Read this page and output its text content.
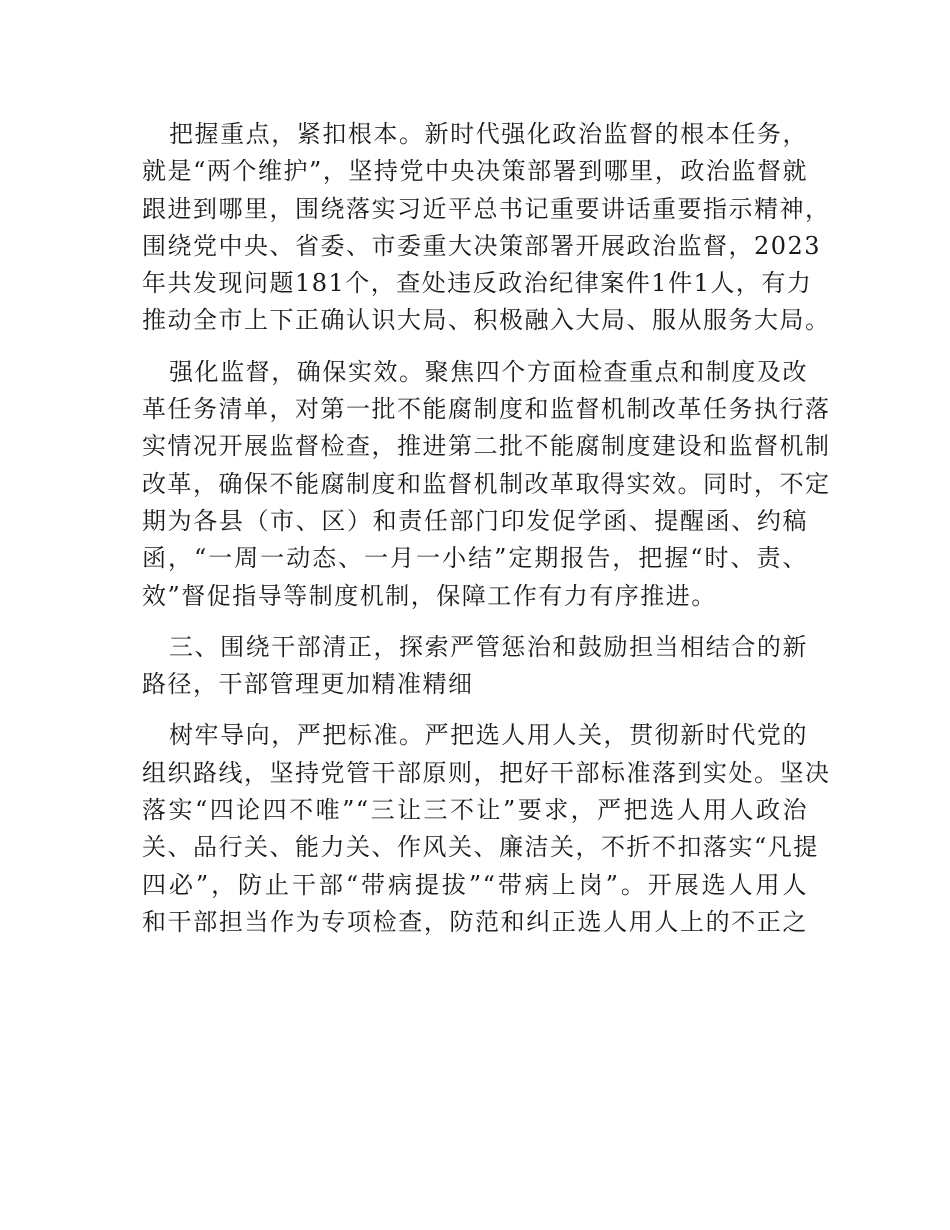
把握重点，紧扣根本。新时代强化政治监督的根本任务，
就是“两个维护”，坚持党中央决策部署到哪里，政治监督就
跟进到哪里，围绕落实习近平总书记重要讲话重要指示精神，
围绕党中央、省委、市委重大决策部署开展政治监督，2023
年共发现问题181个，查处违反政治纪律案件1件1人，有力
推动全市上下正确认识大局、积极融入大局、服从服务大局。

强化监督，确保实效。聚焦四个方面检查重点和制度及改
革任务清单，对第一批不能腐制度和监督机制改革任务执行落
实情况开展监督检查，推进第二批不能腐制度建设和监督机制
改革，确保不能腐制度和监督机制改革取得实效。同时，不定
期为各县（市、区）和责任部门印发促学函、提醒函、约稿
函，“一周一动态、一月一小结”定期报告，把握“时、责、
效”督促指导等制度机制，保障工作有力有序推进。

三、围绕干部清正，探索严管惩治和鼓励担当相结合的新
路径，干部管理更加精准精细

树牢导向，严把标准。严把选人用人关，贯彻新时代党的
组织路线，坚持党管干部原则，把好干部标准落到实处。坚决
落实“四论四不唯”“三让三不让”要求，严把选人用人政治
关、品行关、能力关、作风关、廉洁关，不折不扣落实“凡提
四必”，防止干部“带病提拔”“带病上岗”。开展选人用人
和干部担当作为专项检查，防范和纠正选人用人上的不正之
